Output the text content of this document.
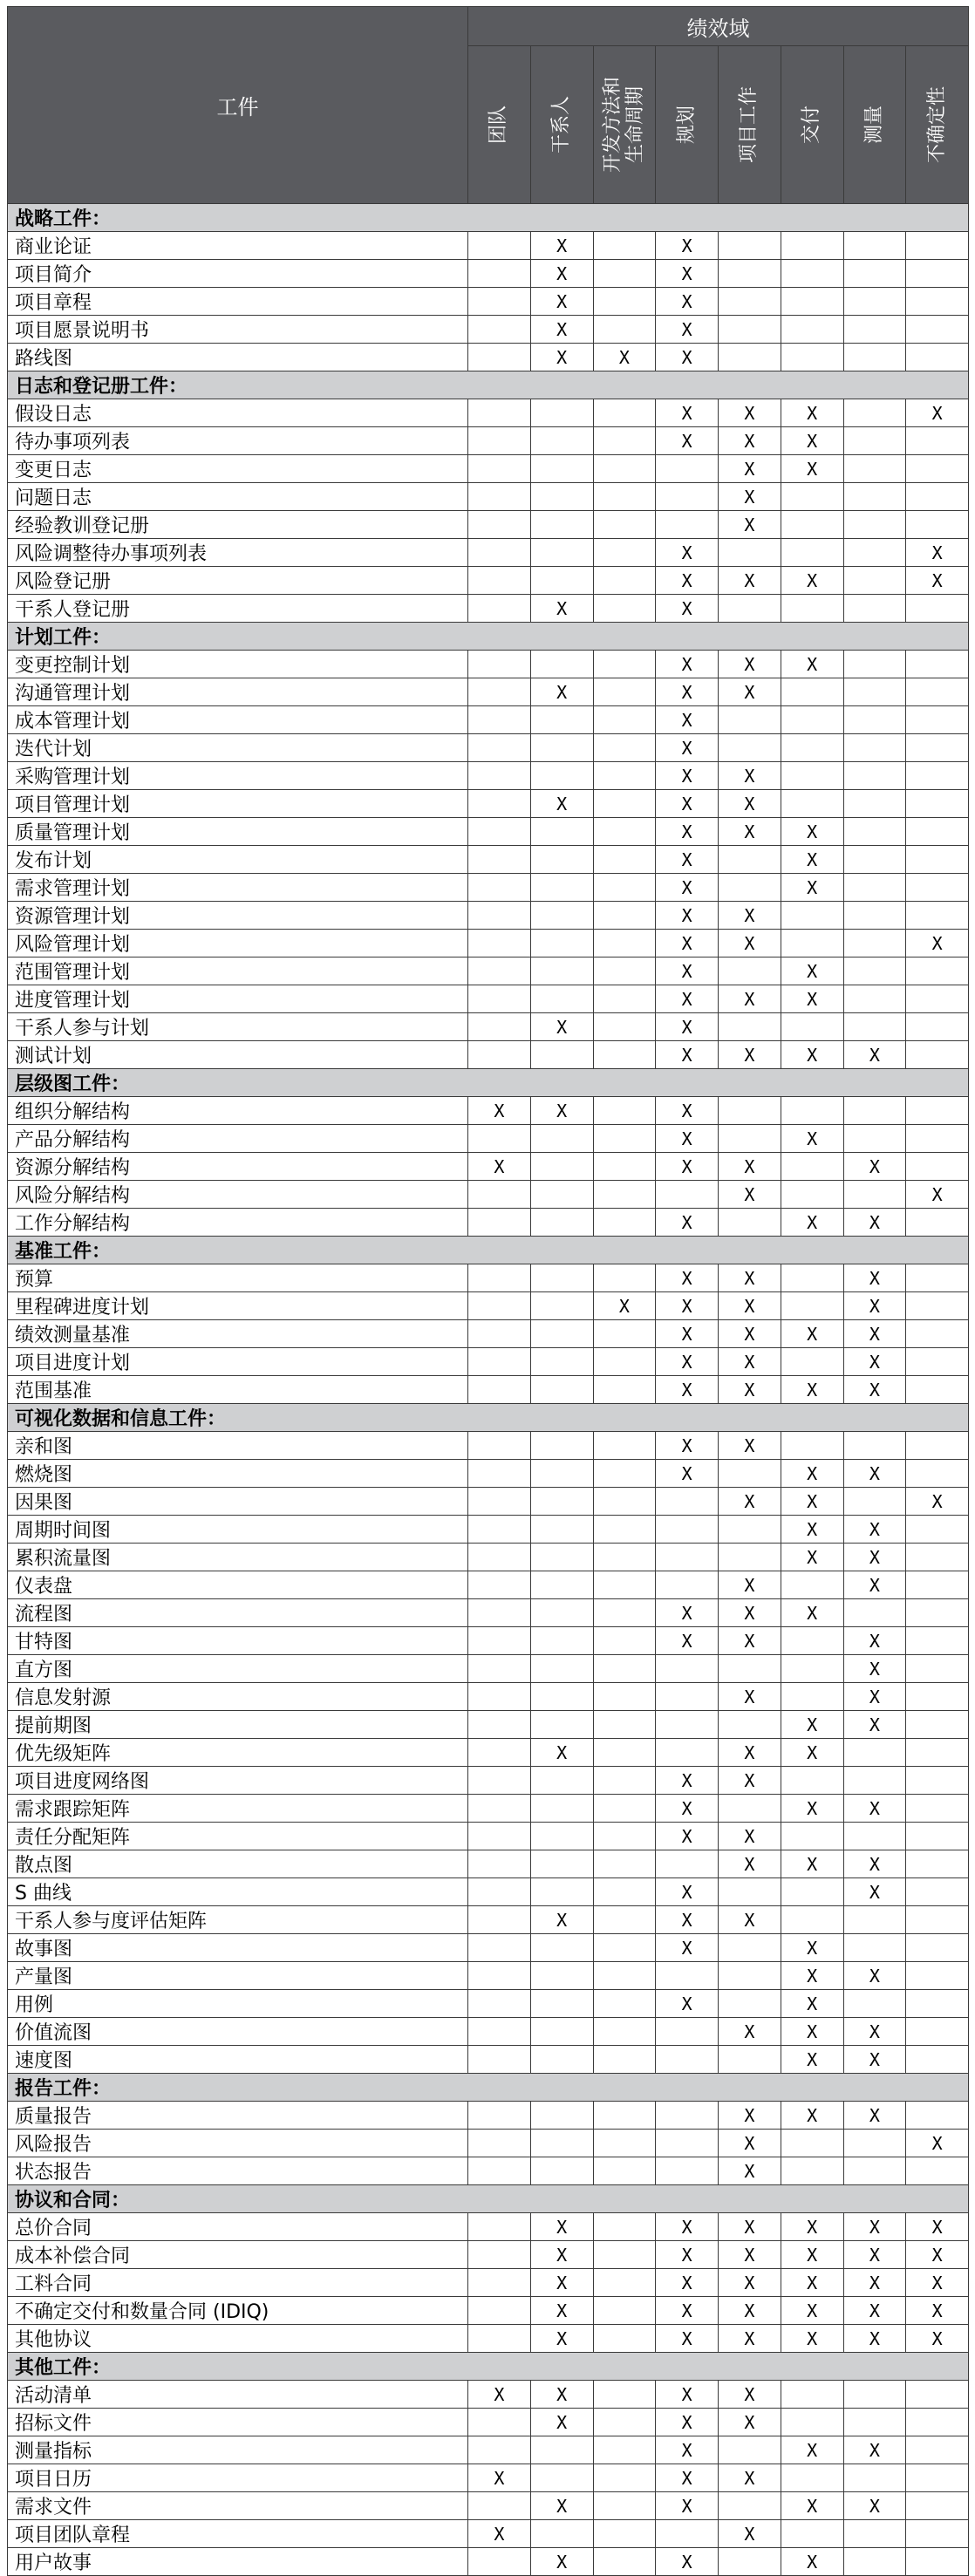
工件	绩效域							

	团队	干系人	开发方法和
生命周期	规划	项目工作	交付	测量	不确定性

战略工件：								
商业论证		X		X				
项目简介		X		X				
项目章程		X		X				
项目愿景说明书		X		X				
路线图		X	X	X				
日志和登记册工件：								
假设日志				X	X	X		X
待办事项列表				X	X	X		
变更日志					X	X		
问题日志					X			
经验教训登记册					X			
风险调整待办事项列表				X				X
风险登记册				X	X	X		X
干系人登记册		X		X				
计划工件：								
变更控制计划				X	X	X		
沟通管理计划		X		X	X			
成本管理计划				X				
迭代计划				X				
采购管理计划				X	X			
项目管理计划		X		X	X			
质量管理计划				X	X	X		
发布计划				X		X		
需求管理计划				X		X		
资源管理计划				X	X			
风险管理计划				X	X			X
范围管理计划				X		X		
进度管理计划				X	X	X		
干系人参与计划		X		X				
测试计划				X	X	X	X	
层级图工件：								
组织分解结构	X	X		X				
产品分解结构				X		X		
资源分解结构	X			X	X		X	
风险分解结构					X			X
工作分解结构				X		X	X	
基准工件：								
预算				X	X		X	
里程碑进度计划			X	X	X		X	
绩效测量基准				X	X	X	X	
项目进度计划				X	X		X	
范围基准				X	X	X	X	
可视化数据和信息工件：								
亲和图				X	X			
燃烧图				X		X	X	
因果图					X	X		X
周期时间图						X	X	
累积流量图						X	X	
仪表盘					X		X	
流程图				X	X	X		
甘特图				X	X		X	
直方图							X	
信息发射源					X		X	
提前期图						X	X	
优先级矩阵		X			X	X		
项目进度网络图				X	X			
需求跟踪矩阵				X		X	X	
责任分配矩阵				X	X			
散点图					X	X	X	
S 曲线				X			X	
干系人参与度评估矩阵		X		X	X			
故事图				X		X		
产量图						X	X	
用例				X		X		
价值流图					X	X	X	
速度图						X	X	
报告工件：								
质量报告					X	X	X	
风险报告					X			X
状态报告					X			
协议和合同：								
总价合同		X		X	X	X	X	X
成本补偿合同		X		X	X	X	X	X
工料合同		X		X	X	X	X	X
不确定交付和数量合同 (IDIQ)		X		X	X	X	X	X
其他协议		X		X	X	X	X	X
其他工件：								
活动清单	X	X		X	X			
招标文件		X		X	X			
测量指标				X		X	X	
项目日历	X			X	X			
需求文件		X		X		X	X	
项目团队章程	X				X			
用户故事		X		X		X		
